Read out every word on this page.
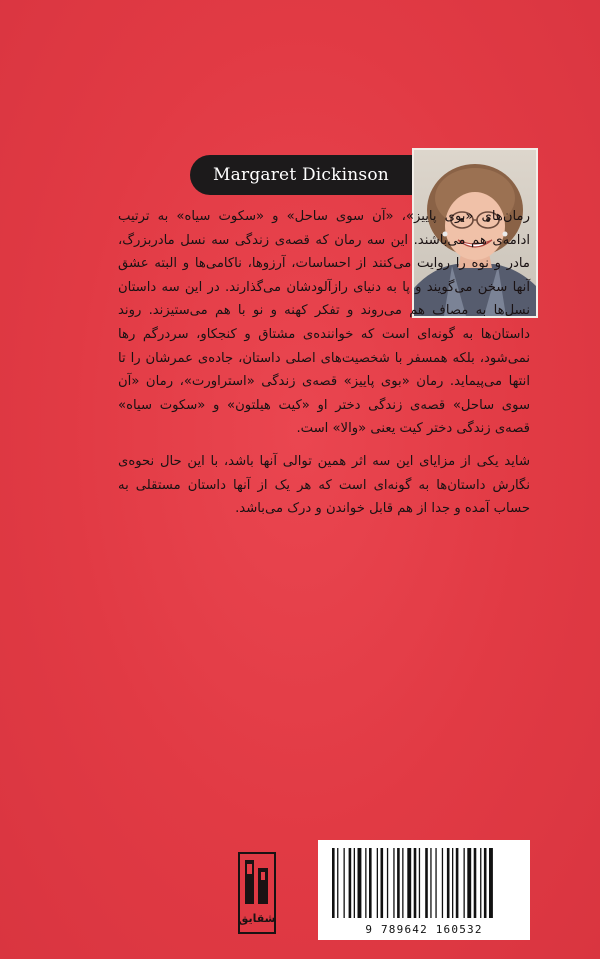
Margaret Dickinson

رمان‌های «بوی پاییز»، «آن سوی ساحل» و «سکوت سیاه» به ترتیب ادامه‌ی هم می‌باشند. این سه رمان که قصه‌ی زندگی سه نسل مادربزرگ، مادر و نوه را روایت می‌کنند از احساسات، آرزوها، ناکامی‌ها و البته عشق آنها سخن می‌گویند و پا به دنیای رازآلودشان می‌گذارند. در این سه داستان نسل‌ها به مصاف هم می‌روند و تفکر کهنه و نو با هم می‌ستیزند. روند داستان‌ها به گونه‌ای است که خواننده‌ی مشتاق و کنجکاو، سردرگم رها نمی‌شود، بلکه همسفر با شخصیت‌های اصلی داستان، جاده‌ی عمرشان را تا انتها می‌پیماید. رمان «بوی پاییز» قصه‌ی زندگی «استراورت»، رمان «آن سوی ساحل» قصه‌ی زندگی دختر او «کیت هیلتون» و «سکوت سیاه» قصه‌ی زندگی دختر کیت یعنی «والا» است.

شاید یکی از مزایای این سه اثر همین توالی آنها باشد، با این حال نحوه‌ی نگارش داستان‌ها به گونه‌ای است که هر یک از آنها داستان مستقلی به حساب آمده و جدا از هم قابل خواندن و درک می‌باشد.

شقایق
9 789642 160532
